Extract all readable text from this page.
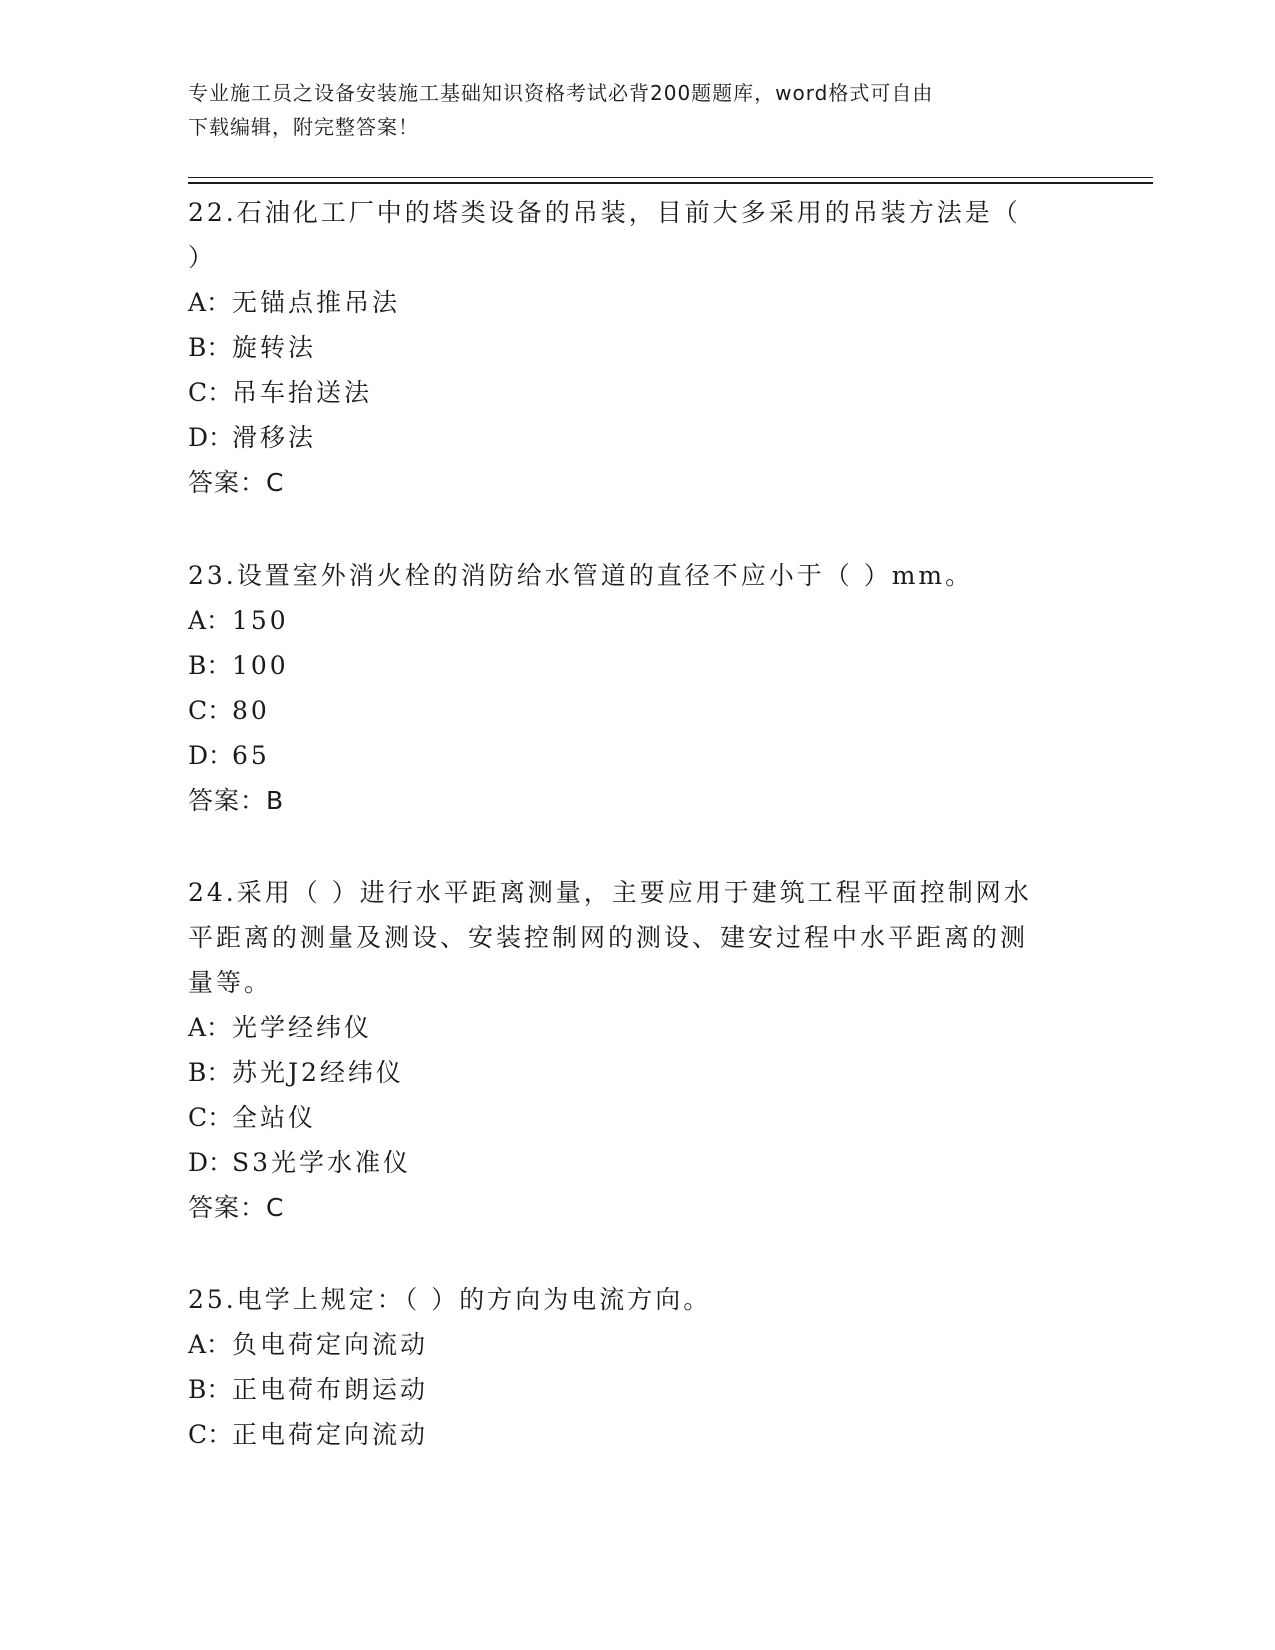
专业施工员之设备安装施工基础知识资格考试必背200题题库，word格式可自由
下载编辑，附完整答案！

22.石油化工厂中的塔类设备的吊装，目前大多采用的吊装方法是（

）

A：无锚点推吊法

B：旋转法

C：吊车抬送法

D：滑移法

答案：C

23.设置室外消火栓的消防给水管道的直径不应小于（ ）mm。

A：150

B：100

C：80

D：65

答案：B

24.采用（ ）进行水平距离测量，主要应用于建筑工程平面控制网水

平距离的测量及测设、安装控制网的测设、建安过程中水平距离的测

量等。

A：光学经纬仪

B：苏光J2经纬仪

C：全站仪

D：S3光学水准仪

答案：C

25.电学上规定：（ ）的方向为电流方向。

A：负电荷定向流动

B：正电荷布朗运动

C：正电荷定向流动
